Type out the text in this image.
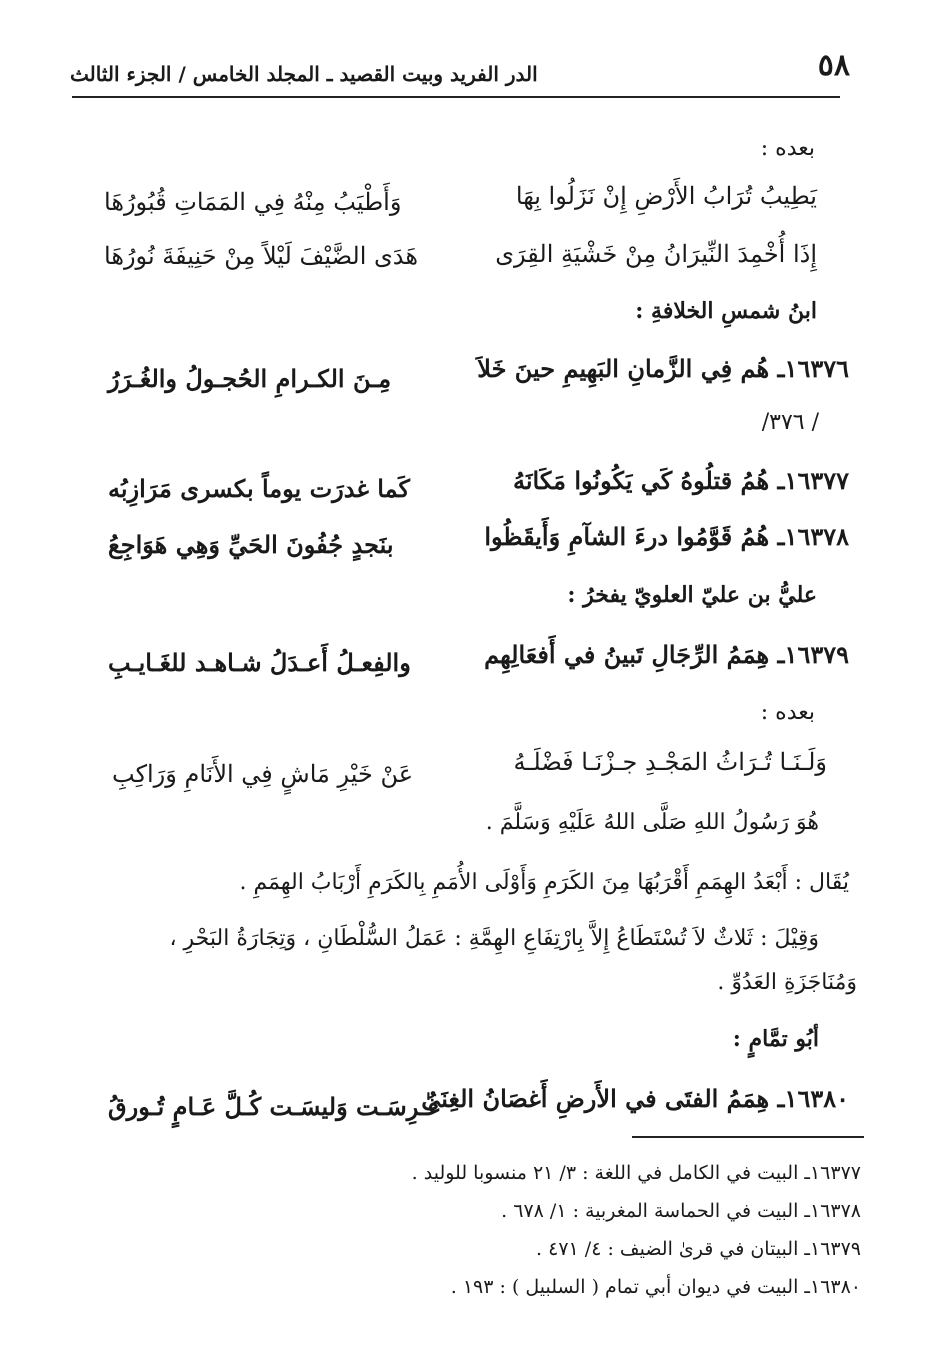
٥٨
الدر الفريد وبيت القصيد ـ المجلد الخامس / الجزء الثالث
بعده :
يَطِيبُ تُرَابُ الأَرْضِ إِنْ نَزَلُوا بِهَا
وَأَطْيَبُ مِنْهُ فِي المَمَاتِ قُبُورُهَا
إِذَا أُخْمِدَ النِّيرَانُ مِنْ خَشْيَةِ القِرَى
هَدَى الضَّيْفَ لَيْلاً مِنْ حَنِيفَةَ نُورُهَا
ابنُ شمسِ الخلافةِ :
١٦٣٧٦ـ هُم فِي الزَّمانِ البَهِيمِ حينَ خَلاَ
مِـنَ الكـرامِ الحُجـولُ والغُـرَرُ
/ ٣٧٦/
١٦٣٧٧ـ هُمُ قتلُوهُ كَي يَكُونُوا مَكَانَهُ
كَما غدرَت يوماً بكسرى مَرَازِبُه
١٦٣٧٨ـ هُمُ قَوَّمُوا درءَ الشآمِ وَأَيقَظُوا
بنَجدٍ جُفُونَ الحَيِّ وَهِي هَوَاجِعُ
عليُّ بن عليّ العلويّ يفخرُ :
١٦٣٧٩ـ هِمَمُ الرِّجَالِ تَبينُ في أَفعَالِهِم
والفِعـلُ أَعـدَلُ شـاهـد للغَـايـبِ
بعده :
وَلَـنَـا تُـرَاثُ المَجْـدِ جـزْنَـا فَضْلَـهُ
عَنْ خَيْرِ مَاشٍ فِي الأَنَامِ وَرَاكِبِ
هُوَ رَسُولُ اللهِ صَلَّى اللهُ عَلَيْهِ وَسَلَّمَ .
يُقَال : أَبْعَدُ الهِمَمِ أَقْرَبُهَا مِنَ الكَرَمِ وَأَوْلَى الأُمَمِ بِالكَرَمِ أَرْبَابُ الهِمَمِ .
وَقِيْلَ : ثَلاثٌ لاَ تُسْتَطَاعُ إِلاَّ بِارْتِفَاعِ الهِمَّةِ : عَمَلُ السُّلْطَانِ ، وَتِجَارَةُ البَحْرِ ،
وَمُنَاجَزَةِ العَدُوِّ .
أبُو تمَّامٍ :
١٦٣٨٠ـ هِمَمُ الفتَى في الأَرضِ أَغصَانُ الغِنَىٰ
غُـرِسَـت وَليسَـت كُـلَّ عَـامٍ تُـورقُ
١٦٣٧٧ـ البيت في الكامل في اللغة : ٣/ ٢١ منسوبا للوليد .
١٦٣٧٨ـ البيت في الحماسة المغربية : ١/ ٦٧٨ .
١٦٣٧٩ـ البيتان في قرىٰ الضيف : ٤/ ٤٧١ .
١٦٣٨٠ـ البيت في ديوان أبي تمام ( السلبيل ) : ١٩٣ .
